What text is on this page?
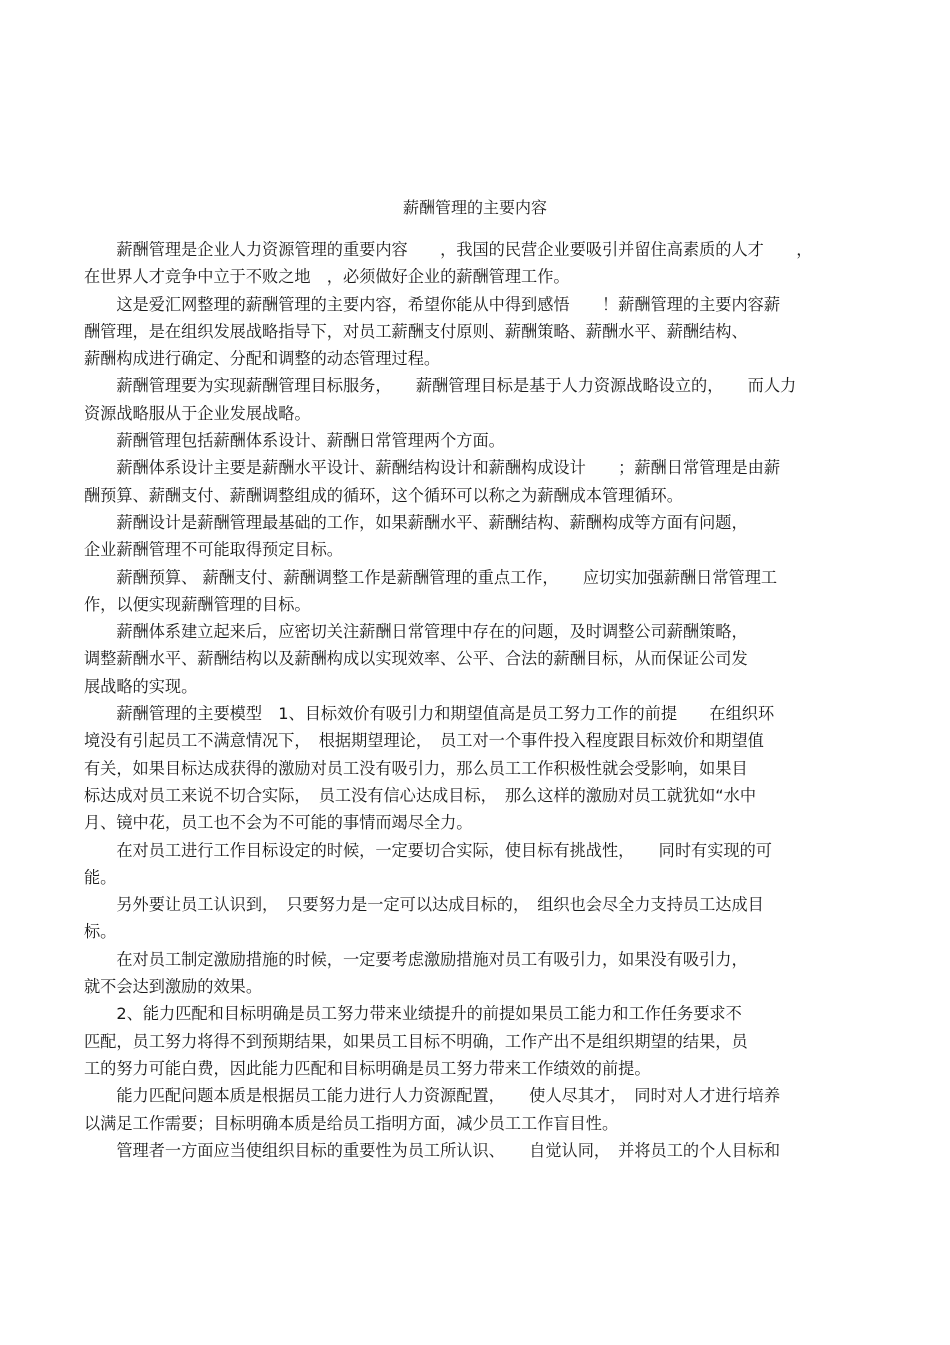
薪酬管理的主要内容

　　薪酬管理是企业人力资源管理的重要内容　　，我国的民营企业要吸引并留住高素质的人才　　，
在世界人才竞争中立于不败之地　，必须做好企业的薪酬管理工作。

　　这是爱汇网整理的薪酬管理的主要内容，希望你能从中得到感悟　　！薪酬管理的主要内容薪
酬管理，是在组织发展战略指导下，对员工薪酬支付原则、薪酬策略、薪酬水平、薪酬结构、
薪酬构成进行确定、分配和调整的动态管理过程。

　　薪酬管理要为实现薪酬管理目标服务，　　薪酬管理目标是基于人力资源战略设立的，　　而人力
资源战略服从于企业发展战略。

　　薪酬管理包括薪酬体系设计、薪酬日常管理两个方面。

　　薪酬体系设计主要是薪酬水平设计、薪酬结构设计和薪酬构成设计　　；薪酬日常管理是由薪
酬预算、薪酬支付、薪酬调整组成的循环，这个循环可以称之为薪酬成本管理循环。

　　薪酬设计是薪酬管理最基础的工作，如果薪酬水平、薪酬结构、薪酬构成等方面有问题，
企业薪酬管理不可能取得预定目标。

　　薪酬预算、 薪酬支付、薪酬调整工作是薪酬管理的重点工作，　　应切实加强薪酬日常管理工
作，以便实现薪酬管理的目标。

　　薪酬体系建立起来后，应密切关注薪酬日常管理中存在的问题，及时调整公司薪酬策略，
调整薪酬水平、薪酬结构以及薪酬构成以实现效率、公平、合法的薪酬目标，从而保证公司发
展战略的实现。

　　薪酬管理的主要模型　1、目标效价有吸引力和期望值高是员工努力工作的前提　　在组织环
境没有引起员工不满意情况下，　根据期望理论，　员工对一个事件投入程度跟目标效价和期望值
有关，如果目标达成获得的激励对员工没有吸引力，那么员工工作积极性就会受影响，如果目
标达成对员工来说不切合实际，　员工没有信心达成目标，　那么这样的激励对员工就犹如“水中
月、镜中花，员工也不会为不可能的事情而竭尽全力。

　　在对员工进行工作目标设定的时候，一定要切合实际，使目标有挑战性，　　同时有实现的可
能。

　　另外要让员工认识到，　只要努力是一定可以达成目标的，　组织也会尽全力支持员工达成目
标。

　　在对员工制定激励措施的时候，一定要考虑激励措施对员工有吸引力，如果没有吸引力，
就不会达到激励的效果。

　　2、能力匹配和目标明确是员工努力带来业绩提升的前提如果员工能力和工作任务要求不
匹配，员工努力将得不到预期结果，如果员工目标不明确，工作产出不是组织期望的结果，员
工的努力可能白费，因此能力匹配和目标明确是员工努力带来工作绩效的前提。

　　能力匹配问题本质是根据员工能力进行人力资源配置，　　使人尽其才，　同时对人才进行培养
以满足工作需要；目标明确本质是给员工指明方面，减少员工工作盲目性。

　　管理者一方面应当使组织目标的重要性为员工所认识、　　自觉认同，　并将员工的个人目标和
